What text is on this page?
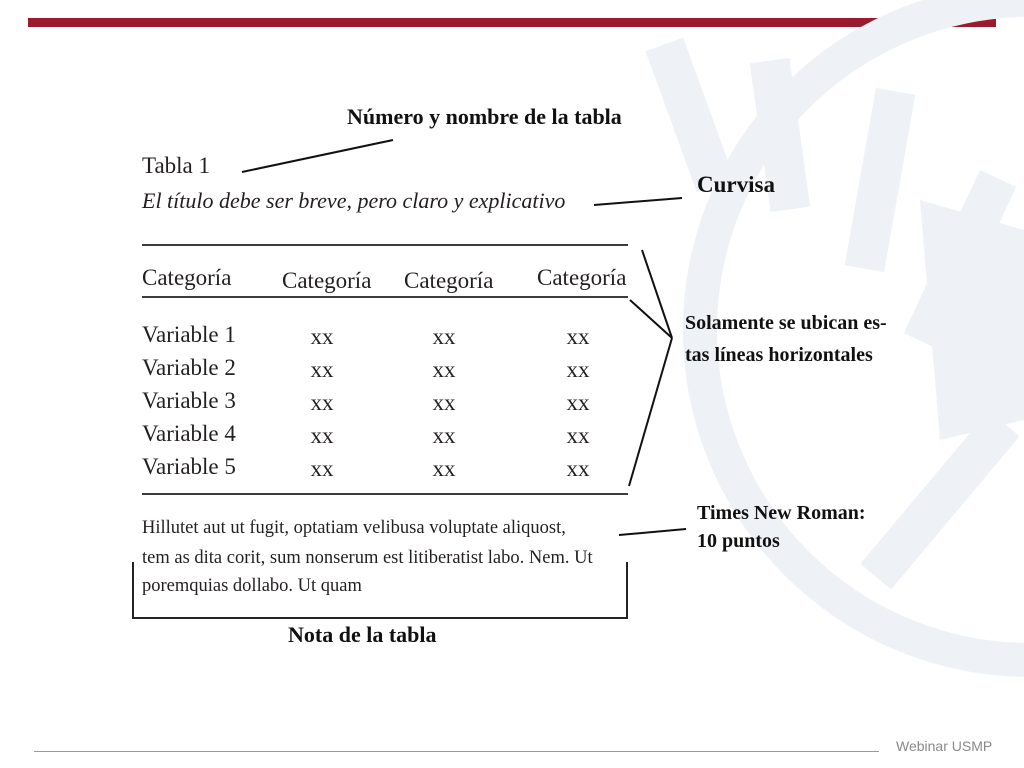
Número y nombre de la tabla
Tabla 1
El título debe ser breve, pero claro y explicativo
Curvisa
Categoría Categoría Categoría Categoría
Variable 1	xx	xx	xx
Variable 2	xx	xx	xx
Variable 3	xx	xx	xx
Variable 4	xx	xx	xx
Variable 5	xx	xx	xx
Solamente se ubican es-
tas líneas horizontales
Hillutet aut ut fugit, optatiam velibusa voluptate aliquost,
tem as dita corit, sum nonserum est litiberatist labo. Nem. Ut
poremquias dollabo. Ut quam
Times New Roman:
10 puntos
Nota de la tabla
Webinar USMP
